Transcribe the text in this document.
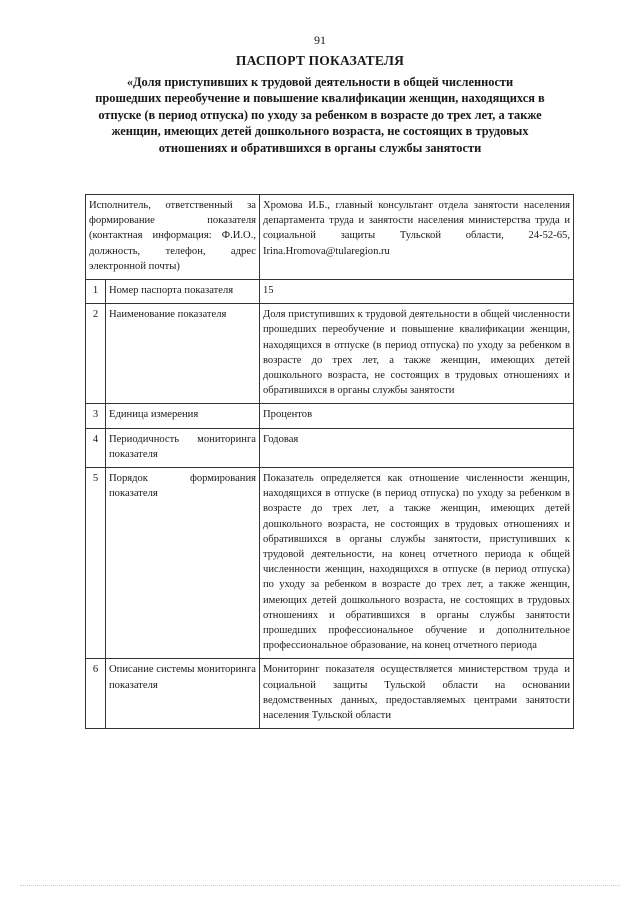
91
ПАСПОРТ ПОКАЗАТЕЛЯ
«Доля приступивших к трудовой деятельности в общей численности прошедших переобучение и повышение квалификации женщин, находящихся в отпуске (в период отпуска) по уходу за ребенком в возрасте до трех лет, а также женщин, имеющих детей дошкольного возраста, не состоящих в трудовых отношениях и обратившихся в органы службы занятости
Исполнитель, ответственный за формирование показателя (контактная информация: Ф.И.О., должность, телефон, адрес электронной почты)		Хромова И.Б., главный консультант отдела занятости населения департамента труда и занятости населения министерства труда и социальной защиты Тульской области, 24-52-65, Irina.Hromova@tularegion.ru
1	Номер паспорта показателя	15
2	Наименование показателя	Доля приступивших к трудовой деятельности в общей численности прошедших переобучение и повышение квалификации женщин, находящихся в отпуске (в период отпуска) по уходу за ребенком в возрасте до трех лет, а также женщин, имеющих детей дошкольного возраста, не состоящих в трудовых отношениях и обратившихся в органы службы занятости
3	Единица измерения	Процентов
4	Периодичность мониторинга показателя	Годовая
5	Порядок формирования показателя	Показатель определяется как отношение численности женщин, находящихся в отпуске (в период отпуска) по уходу за ребенком в возрасте до трех лет, а также женщин, имеющих детей дошкольного возраста, не состоящих в трудовых отношениях и обратившихся в органы службы занятости, приступивших к трудовой деятельности, на конец отчетного периода к общей численности женщин, находящихся в отпуске (в период отпуска) по уходу за ребенком в возрасте до трех лет, а также женщин, имеющих детей дошкольного возраста, не состоящих в трудовых отношениях и обратившихся в органы службы занятости прошедших профессиональное обучение и дополнительное профессиональное образование, на конец отчетного периода
6	Описание системы мониторинга показателя	Мониторинг показателя осуществляется министерством труда и социальной защиты Тульской области на основании ведомственных данных, предоставляемых центрами занятости населения Тульской области
